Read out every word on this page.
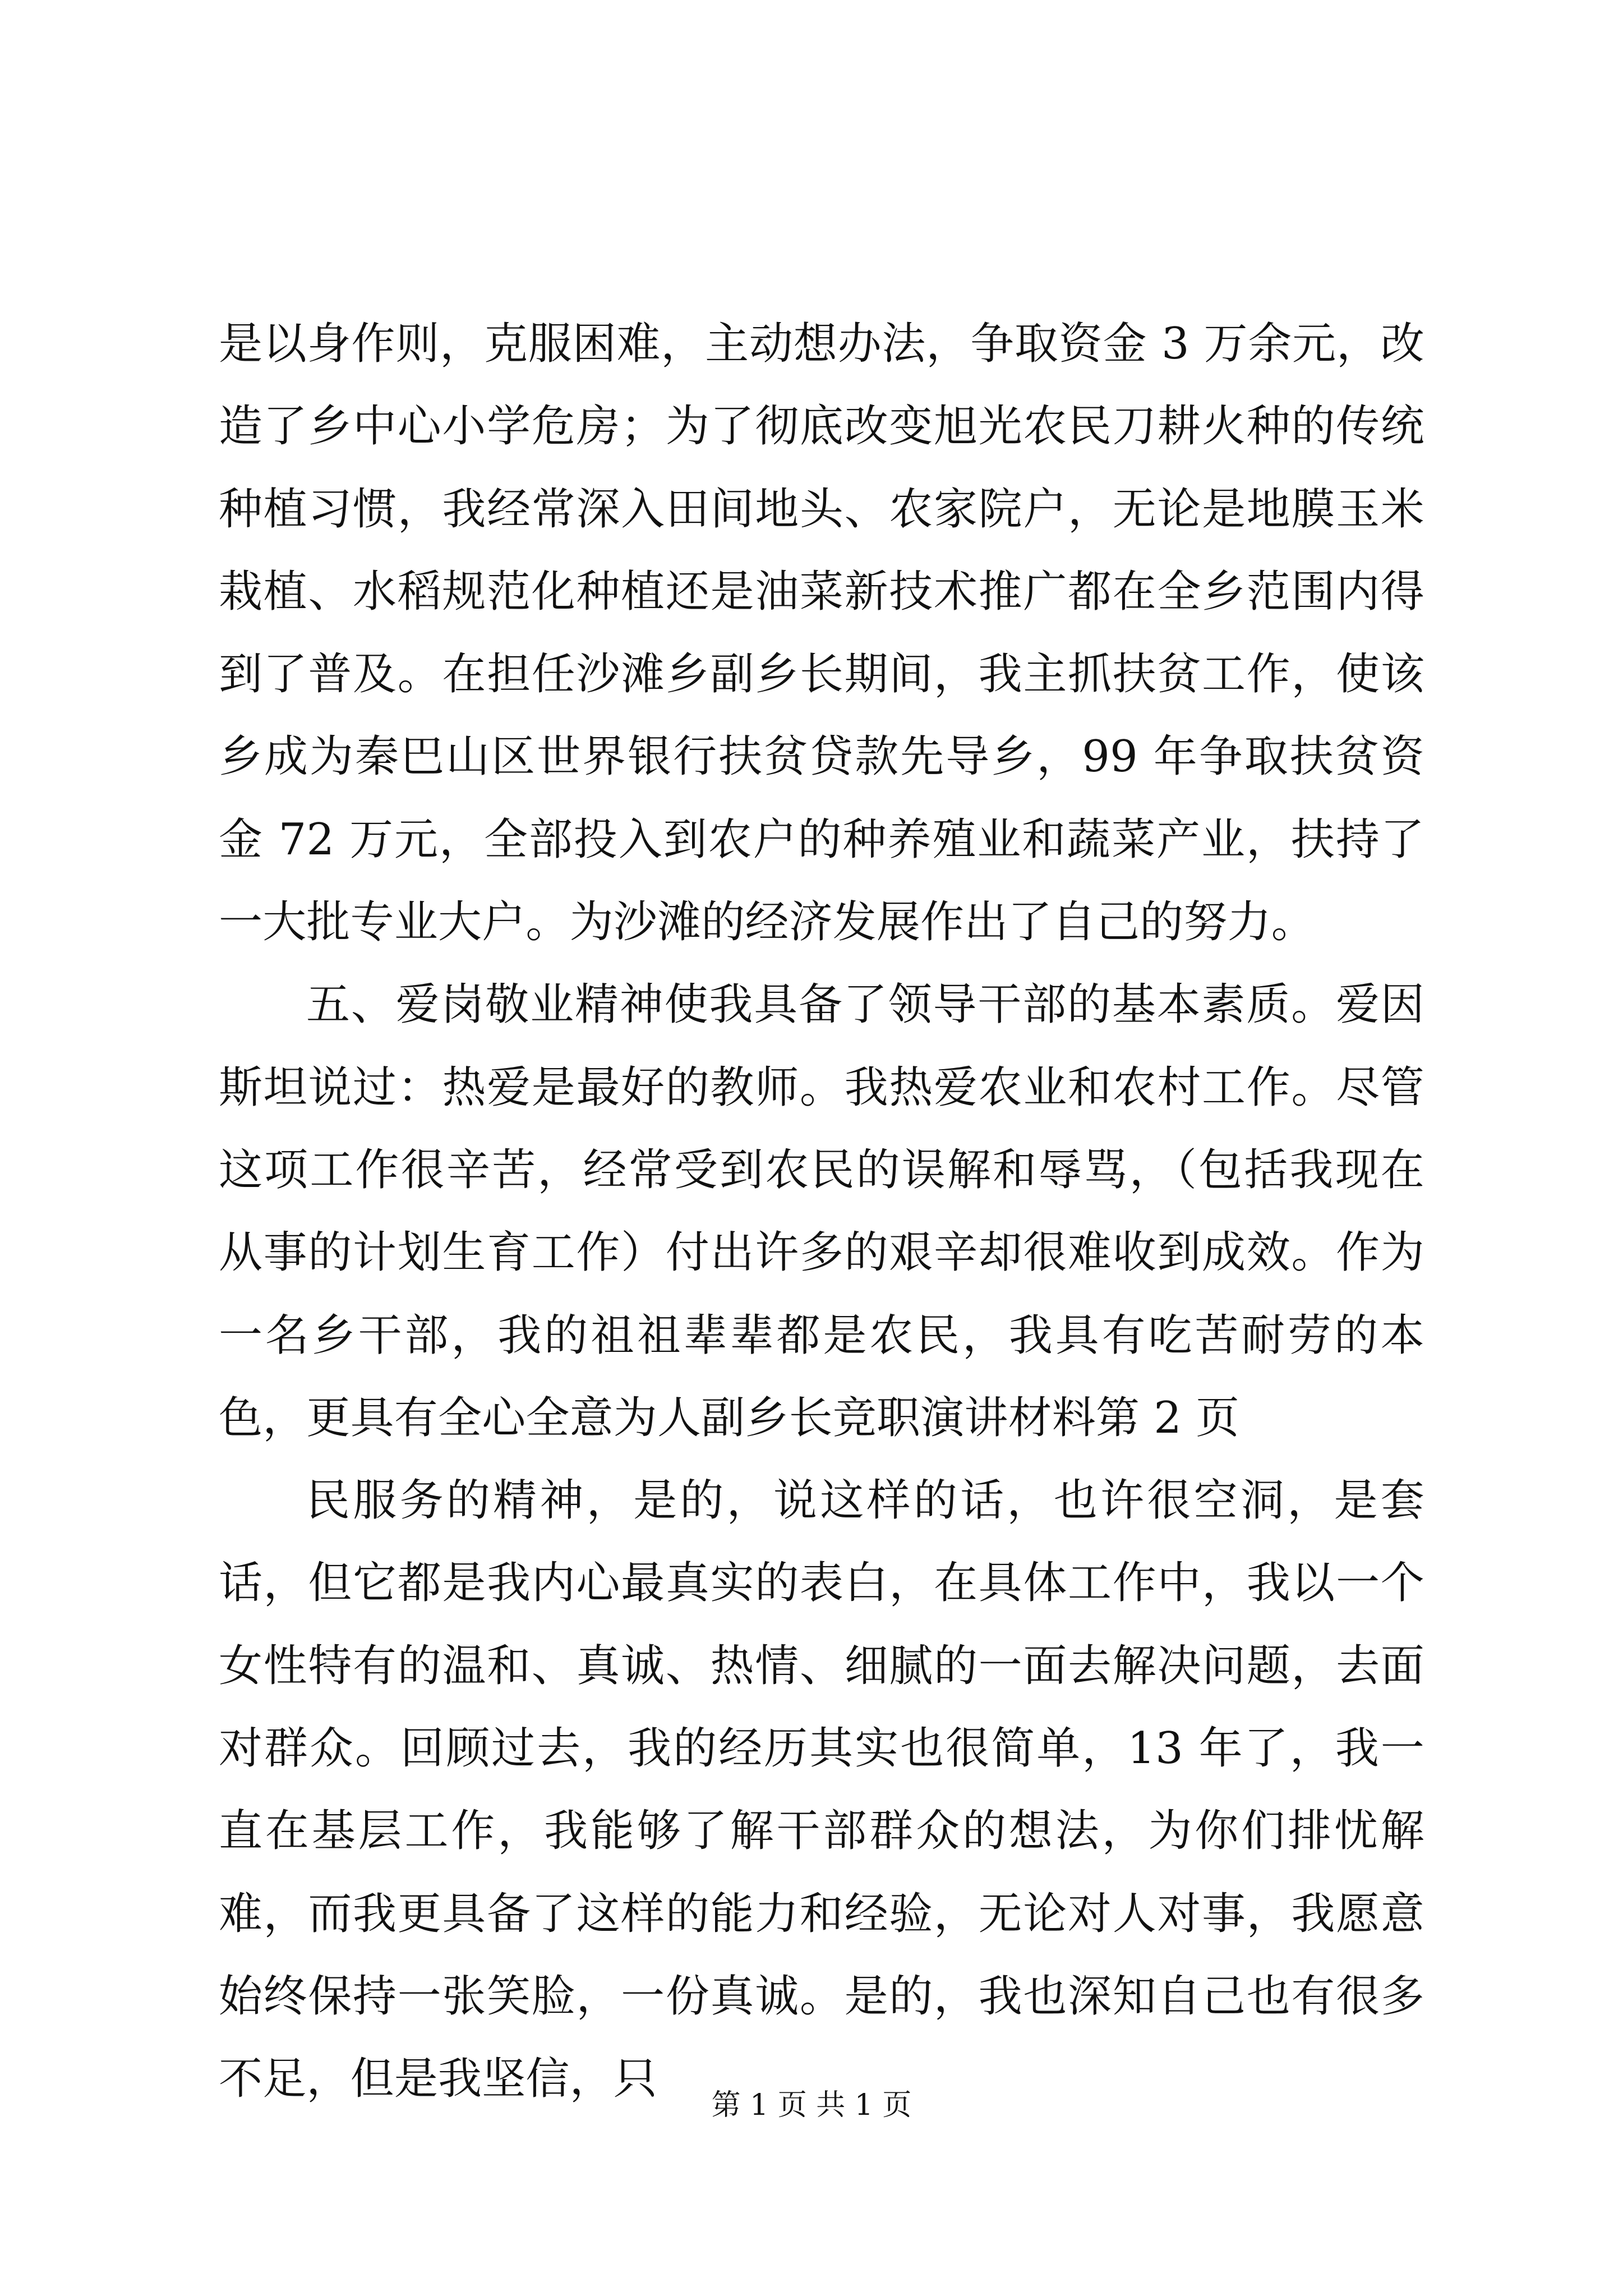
是以身作则，克服困难，主动想办法，争取资金 3 万余元，改造了乡中心小学危房；为了彻底改变旭光农民刀耕火种的传统种植习惯，我经常深入田间地头、农家院户，无论是地膜玉米栽植、水稻规范化种植还是油菜新技术推广都在全乡范围内得到了普及。在担任沙滩乡副乡长期间，我主抓扶贫工作，使该乡成为秦巴山区世界银行扶贫贷款先导乡，99 年争取扶贫资金 72 万元，全部投入到农户的种养殖业和蔬菜产业，扶持了一大批专业大户。为沙滩的经济发展作出了自己的努力。

五、爱岗敬业精神使我具备了领导干部的基本素质。爱因斯坦说过：热爱是最好的教师。我热爱农业和农村工作。尽管这项工作很辛苦，经常受到农民的误解和辱骂，（包括我现在从事的计划生育工作）付出许多的艰辛却很难收到成效。作为一名乡干部，我的祖祖辈辈都是农民，我具有吃苦耐劳的本色，更具有全心全意为人副乡长竞职演讲材料第 2 页

民服务的精神，是的，说这样的话，也许很空洞，是套话，但它都是我内心最真实的表白，在具体工作中，我以一个女性特有的温和、真诚、热情、细腻的一面去解决问题，去面对群众。回顾过去，我的经历其实也很简单，13 年了，我一直在基层工作，我能够了解干部群众的想法，为你们排忧解难，而我更具备了这样的能力和经验，无论对人对事，我愿意始终保持一张笑脸，一份真诚。是的，我也深知自己也有很多不足，但是我坚信，只

第 1 页 共 1 页
